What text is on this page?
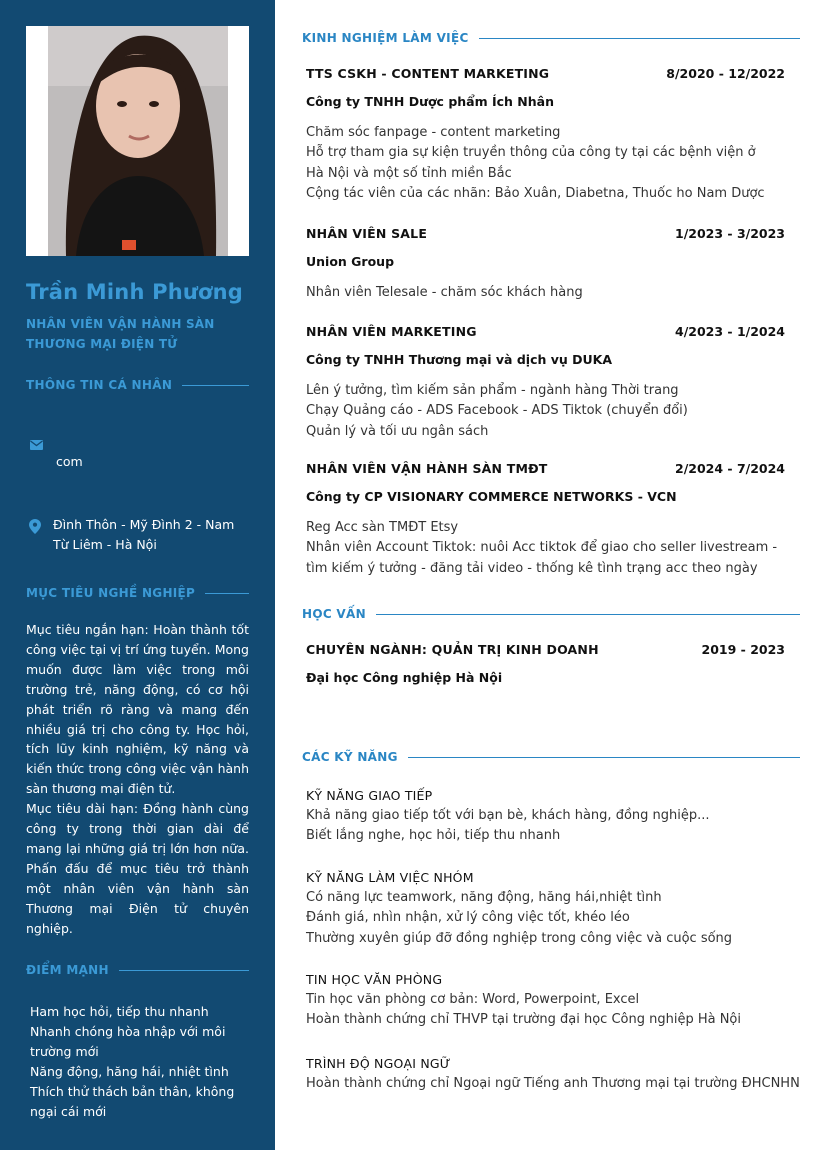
Trần Minh Phương
NHÂN VIÊN VẬN HÀNH SÀN THƯƠNG MẠI ĐIỆN TỬ
THÔNG TIN CÁ NHÂN
com
Đình Thôn - Mỹ Đình 2 - Nam Từ Liêm - Hà Nội
MỤC TIÊU NGHỀ NGHIỆP

Mục tiêu ngắn hạn: Hoàn thành tốt công việc tại vị trí ứng tuyển. Mong muốn được làm việc trong môi trường trẻ, năng động, có cơ hội phát triển rõ ràng và mang đến nhiều giá trị cho công ty. Học hỏi, tích lũy kinh nghiệm, kỹ năng và kiến thức trong công việc vận hành sàn thương mại điện tử.

Mục tiêu dài hạn: Đồng hành cùng công ty trong thời gian dài để mang lại những giá trị lớn hơn nữa. Phấn đấu để mục tiêu trở thành một nhân viên vận hành sàn Thương mại Điện tử chuyên nghiệp.

ĐIỂM MẠNH
Ham học hỏi, tiếp thu nhanh
Nhanh chóng hòa nhập với môi trường mới
Năng động, hăng hái, nhiệt tình
Thích thử thách bản thân, không ngại cái mới
KINH NGHIỆM LÀM VIỆC
TTS CSKH - CONTENT MARKETING	8/2020 - 12/2022
Công ty TNHH Dược phẩm Ích Nhân
Chăm sóc fanpage - content marketing
Hỗ trợ tham gia sự kiện truyền thông của công ty tại các bệnh viện ở
Hà Nội và một số tỉnh miền Bắc
Cộng tác viên của các nhãn: Bảo Xuân, Diabetna, Thuốc ho Nam Dược
NHÂN VIÊN SALE	1/2023 - 3/2023
Union Group
Nhân viên Telesale - chăm sóc khách hàng
NHÂN VIÊN MARKETING	4/2023 - 1/2024
Công ty TNHH Thương mại và dịch vụ DUKA
Lên ý tưởng, tìm kiếm sản phẩm - ngành hàng Thời trang
Chạy Quảng cáo - ADS Facebook - ADS Tiktok (chuyển đổi)
Quản lý và tối ưu ngân sách
NHÂN VIÊN VẬN HÀNH SÀN TMĐT	2/2024 - 7/2024
Công ty CP VISIONARY COMMERCE NETWORKS - VCN
Reg Acc sàn TMĐT Etsy
Nhân viên Account Tiktok: nuôi Acc tiktok để giao cho seller livestream - tìm kiếm ý tưởng - đăng tải video - thống kê tình trạng acc theo ngày
HỌC VẤN
CHUYÊN NGÀNH: QUẢN TRỊ KINH DOANH	2019 - 2023
Đại học Công nghiệp Hà Nội
CÁC KỸ NĂNG
KỸ NĂNG GIAO TIẾP
Khả năng giao tiếp tốt với bạn bè, khách hàng, đồng nghiệp...
Biết lắng nghe, học hỏi, tiếp thu nhanh
KỸ NĂNG LÀM VIỆC NHÓM
Có năng lực teamwork, năng động, hăng hái,nhiệt tình
Đánh giá, nhìn nhận, xử lý công việc tốt, khéo léo
Thường xuyên giúp đỡ đồng nghiệp trong công việc và cuộc sống
TIN HỌC VĂN PHÒNG
Tin học văn phòng cơ bản: Word, Powerpoint, Excel
Hoàn thành chứng chỉ THVP tại trường đại học Công nghiệp Hà Nội
TRÌNH ĐỘ NGOẠI NGỮ
Hoàn thành chứng chỉ Ngoại ngữ Tiếng anh Thương mại tại trường ĐHCNHN
